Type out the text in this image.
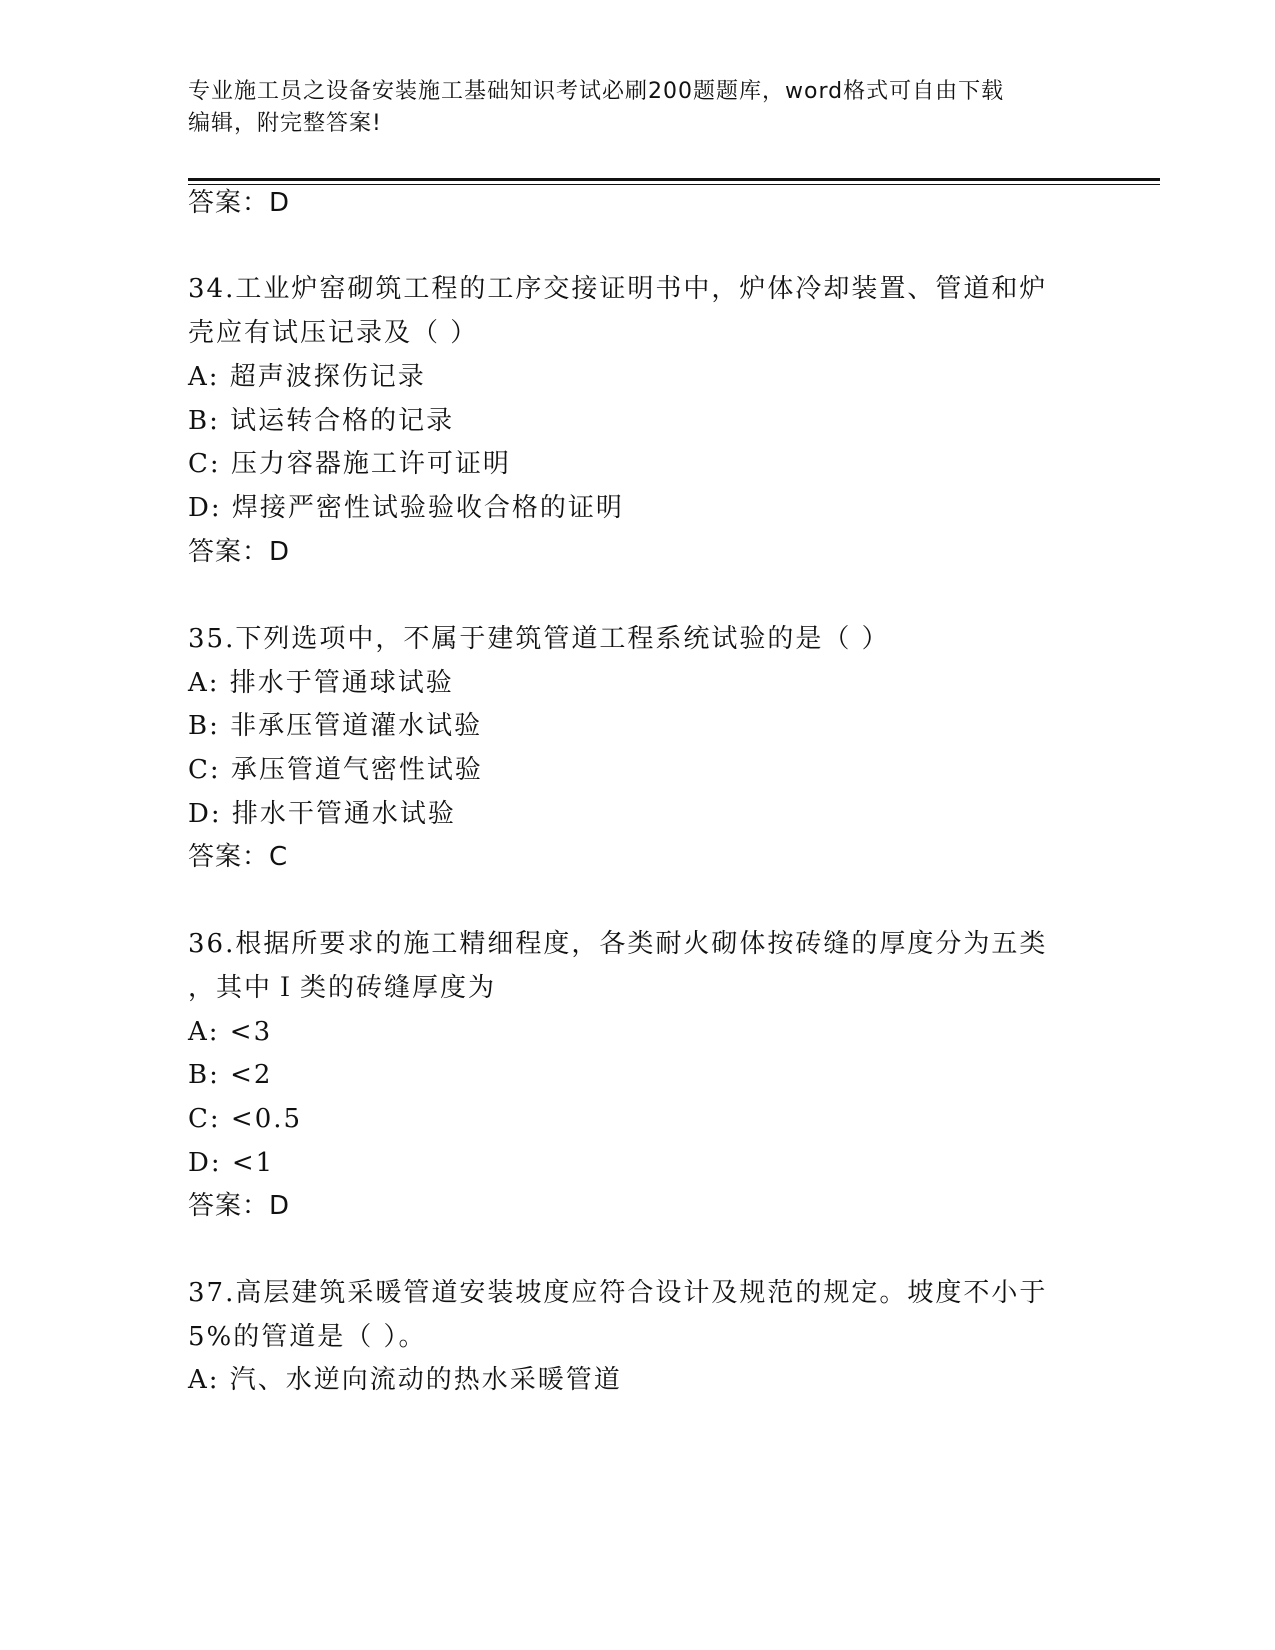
专业施工员之设备安装施工基础知识考试必刷200题题库，word格式可自由下载
编辑，附完整答案!
答案：D
34.工业炉窑砌筑工程的工序交接证明书中，炉体冷却装置、管道和炉
壳应有试压记录及（ ）
A: 超声波探伤记录
B: 试运转合格的记录
C: 压力容器施工许可证明
D: 焊接严密性试验验收合格的证明
答案：D
35.下列选项中，不属于建筑管道工程系统试验的是（ ）
A: 排水于管通球试验
B: 非承压管道灌水试验
C: 承压管道气密性试验
D: 排水干管通水试验
答案：C
36.根据所要求的施工精细程度，各类耐火砌体按砖缝的厚度分为五类
，其中Ｉ类的砖缝厚度为
A: <3
B: <2
C: <0.5
D: <1
答案：D
37.高层建筑采暖管道安装坡度应符合设计及规范的规定。坡度不小于
5%的管道是（ ）。
A: 汽、水逆向流动的热水采暖管道
